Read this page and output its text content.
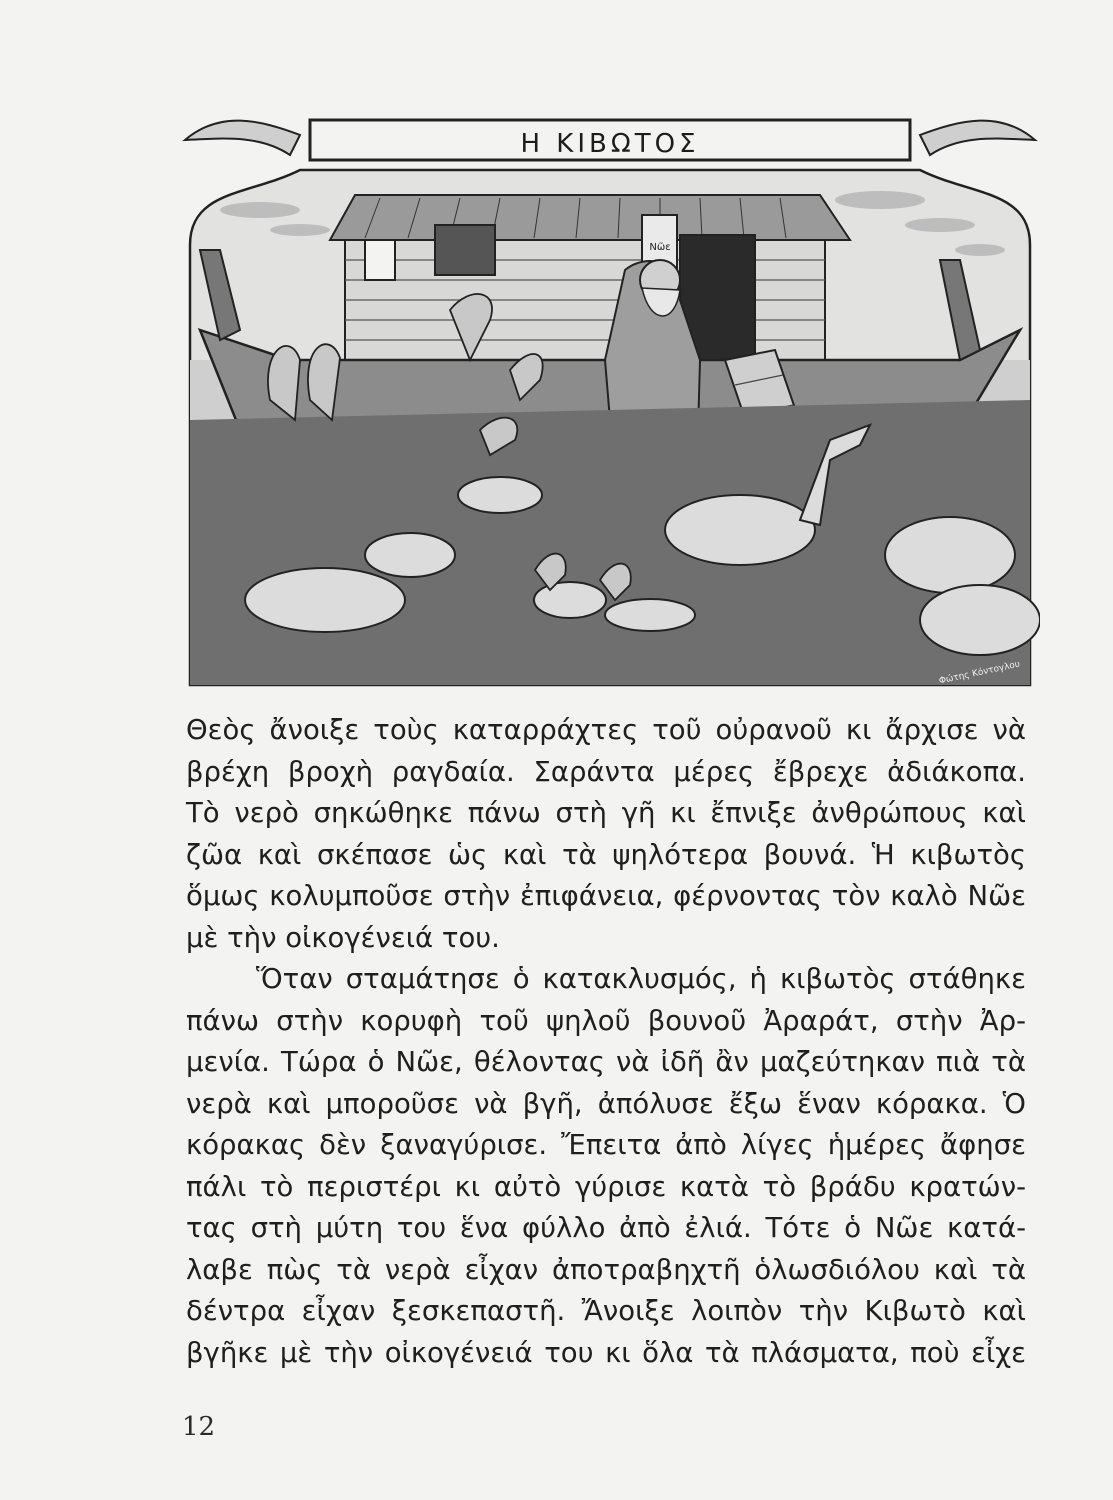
Η ΚΙΒΩΤΟΣ
Νῶε
Φώτης Κόντογλου
Θεὸς ἄνοιξε τοὺς καταρράχτες τοῦ οὐρανοῦ κι ἄρχισε νὰ
βρέχη βροχὴ ραγδαία. Σαράντα μέρες ἔβρεχε ἀδιάκοπα.
Τὸ νερὸ σηκώθηκε πάνω στὴ γῆ κι ἔπνιξε ἀνθρώπους καὶ
ζῶα καὶ σκέπασε ὡς καὶ τὰ ψηλότερα βουνά. Ἡ κιβωτὸς
ὅμως κολυμποῦσε στὴν ἐπιφάνεια, φέρνοντας τὸν καλὸ Νῶε
μὲ τὴν οἰκογένειά του.
Ὅταν σταμάτησε ὁ κατακλυσμός, ἡ κιβωτὸς στάθηκε
πάνω στὴν κορυφὴ τοῦ ψηλοῦ βουνοῦ Ἀραράτ, στὴν Ἀρ-
μενία. Τώρα ὁ Νῶε, θέλοντας νὰ ἰδῆ ἂν μαζεύτηκαν πιὰ τὰ
νερὰ καὶ μποροῦσε νὰ βγῆ, ἀπόλυσε ἔξω ἕναν κόρακα. Ὁ
κόρακας δὲν ξαναγύρισε. Ἔπειτα ἀπὸ λίγες ἡμέρες ἄφησε
πάλι τὸ περιστέρι κι αὐτὸ γύρισε κατὰ τὸ βράδυ κρατών-
τας στὴ μύτη του ἕνα φύλλο ἀπὸ ἐλιά. Τότε ὁ Νῶε κατά-
λαβε πὼς τὰ νερὰ εἶχαν ἀποτραβηχτῆ ὁλωσδιόλου καὶ τὰ
δέντρα εἶχαν ξεσκεπαστῆ. Ἄνοιξε λοιπὸν τὴν Κιβωτὸ καὶ
βγῆκε μὲ τὴν οἰκογένειά του κι ὅλα τὰ πλάσματα, ποὺ εἶχε
12
